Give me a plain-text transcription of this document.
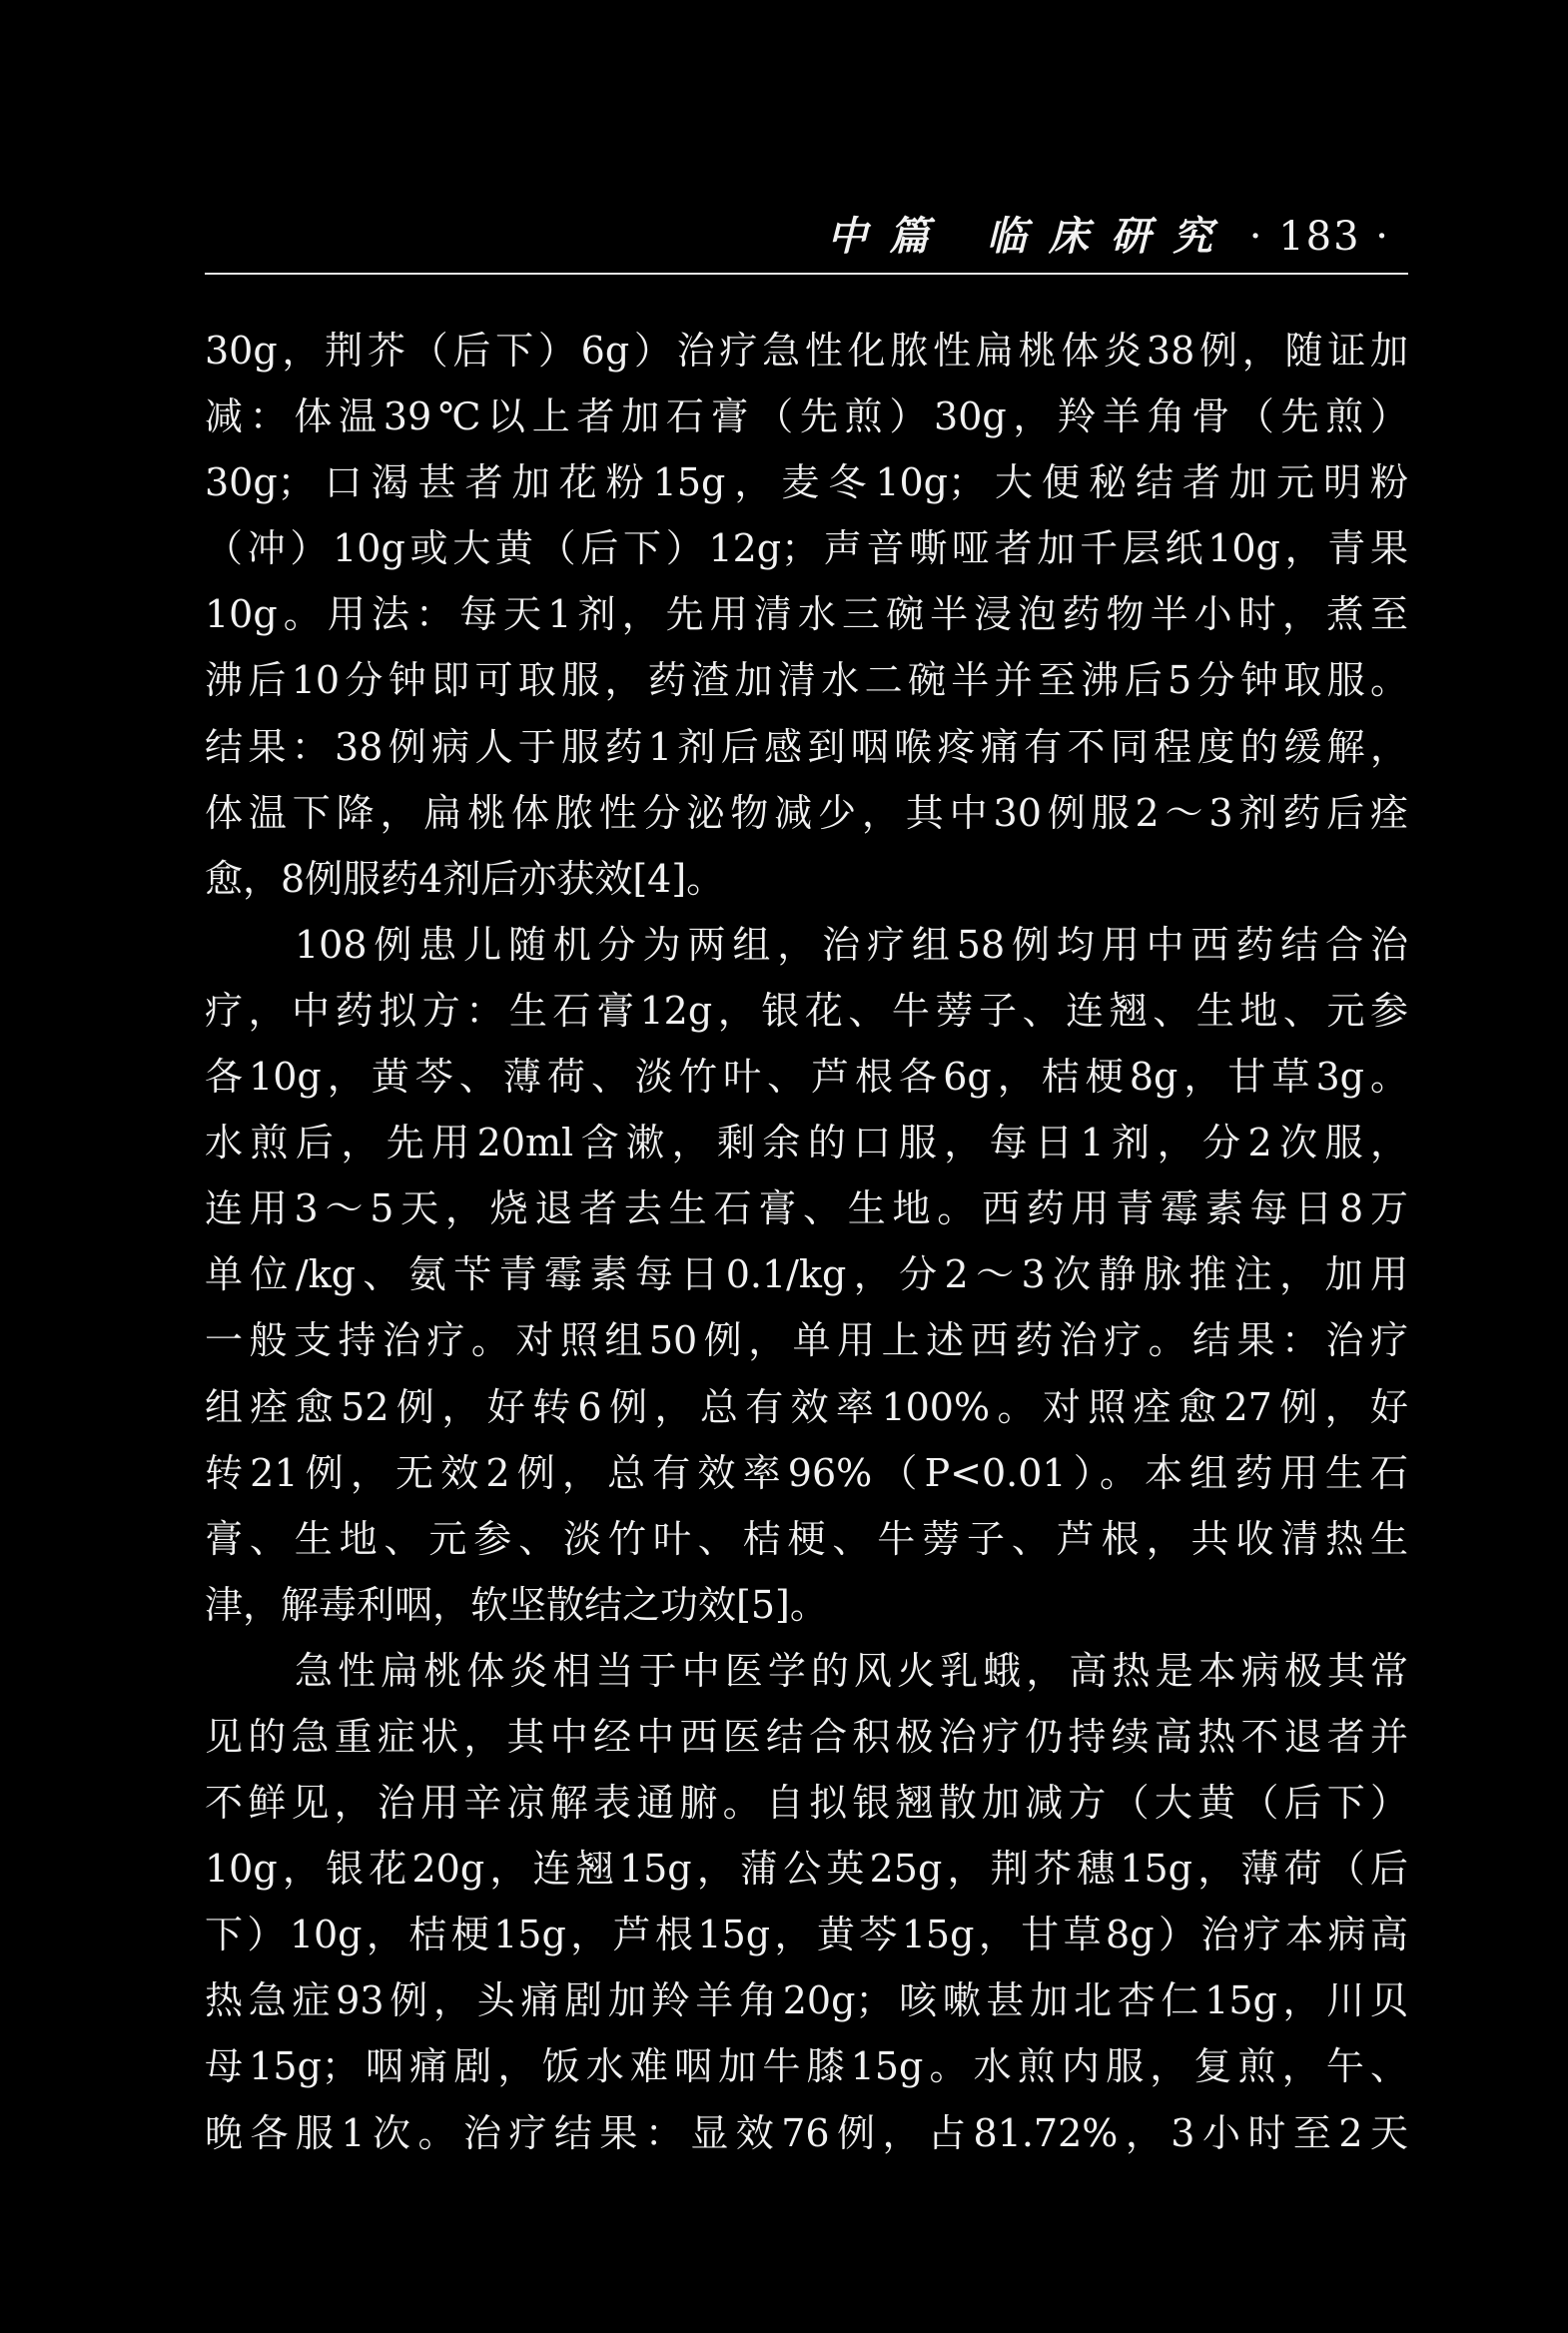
中篇 临床研究 · 183 ·
30g，荆芥（后下）6g）治疗急性化脓性扁桃体炎38例，随证加
减：体温39℃以上者加石膏（先煎）30g，羚羊角骨（先煎）
30g；口渴甚者加花粉15g，麦冬10g；大便秘结者加元明粉
（冲）10g或大黄（后下）12g；声音嘶哑者加千层纸10g，青果
10g。用法：每天1剂，先用清水三碗半浸泡药物半小时，煮至
沸后10分钟即可取服，药渣加清水二碗半并至沸后5分钟取服。
结果：38例病人于服药1剂后感到咽喉疼痛有不同程度的缓解，
体温下降，扁桃体脓性分泌物减少，其中30例服2～3剂药后痊
愈，8例服药4剂后亦获效[4]。
108例患儿随机分为两组，治疗组58例均用中西药结合治
疗，中药拟方：生石膏12g，银花、牛蒡子、连翘、生地、元参
各10g，黄芩、薄荷、淡竹叶、芦根各6g，桔梗8g，甘草3g。
水煎后，先用20ml含漱，剩余的口服，每日1剂，分2次服，
连用3～5天，烧退者去生石膏、生地。西药用青霉素每日8万
单位/kg、氨苄青霉素每日0.1/kg，分2～3次静脉推注，加用
一般支持治疗。对照组50例，单用上述西药治疗。结果：治疗
组痊愈52例，好转6例，总有效率100%。对照痊愈27例，好
转21例，无效2例，总有效率96%（P<0.01）。本组药用生石
膏、生地、元参、淡竹叶、桔梗、牛蒡子、芦根，共收清热生
津，解毒利咽，软坚散结之功效[5]。
急性扁桃体炎相当于中医学的风火乳蛾，高热是本病极其常
见的急重症状，其中经中西医结合积极治疗仍持续高热不退者并
不鲜见，治用辛凉解表通腑。自拟银翘散加减方（大黄（后下）
10g，银花20g，连翘15g，蒲公英25g，荆芥穗15g，薄荷（后
下）10g，桔梗15g，芦根15g，黄芩15g，甘草8g）治疗本病高
热急症93例，头痛剧加羚羊角20g；咳嗽甚加北杏仁15g，川贝
母15g；咽痛剧，饭水难咽加牛膝15g。水煎内服，复煎，午、
晚各服1次。治疗结果：显效76例，占81.72%，3小时至2天
